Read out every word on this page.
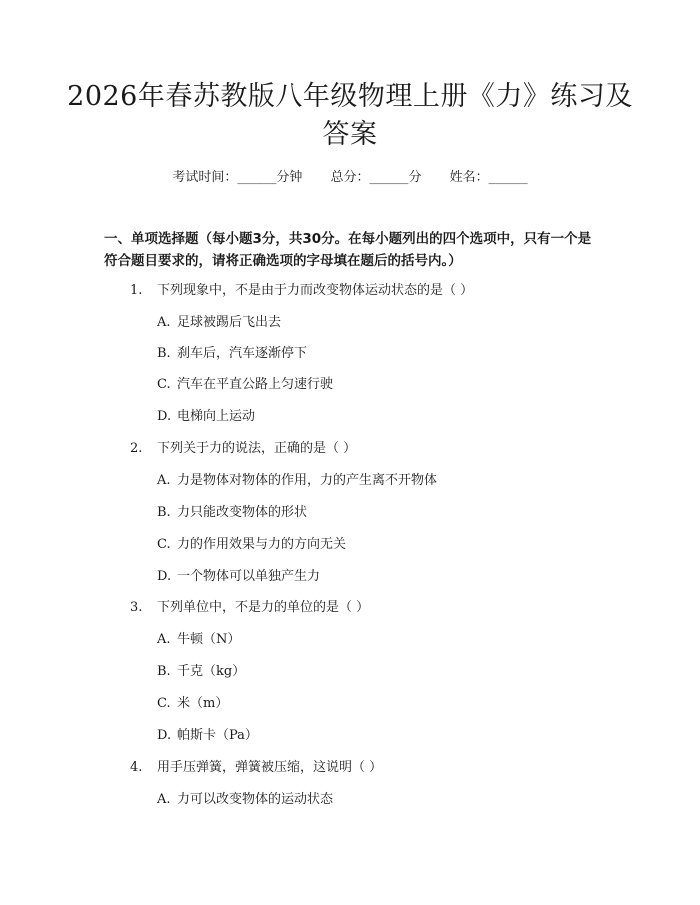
2026年春苏教版八年级物理上册《力》练习及答案
考试时间：______分钟 总分：______分 姓名：______
一、单项选择题（每小题3分，共30分。在每小题列出的四个选项中，只有一个是符合题目要求的，请将正确选项的字母填在题后的括号内。）
1. 下列现象中，不是由于力而改变物体运动状态的是（ ）
A. 足球被踢后飞出去
B. 刹车后，汽车逐渐停下
C. 汽车在平直公路上匀速行驶
D. 电梯向上运动
2. 下列关于力的说法，正确的是（ ）
A. 力是物体对物体的作用，力的产生离不开物体
B. 力只能改变物体的形状
C. 力的作用效果与力的方向无关
D. 一个物体可以单独产生力
3. 下列单位中，不是力的单位的是（ ）
A. 牛顿（N）
B. 千克（kg）
C. 米（m）
D. 帕斯卡（Pa）
4. 用手压弹簧，弹簧被压缩，这说明（ ）
A. 力可以改变物体的运动状态
